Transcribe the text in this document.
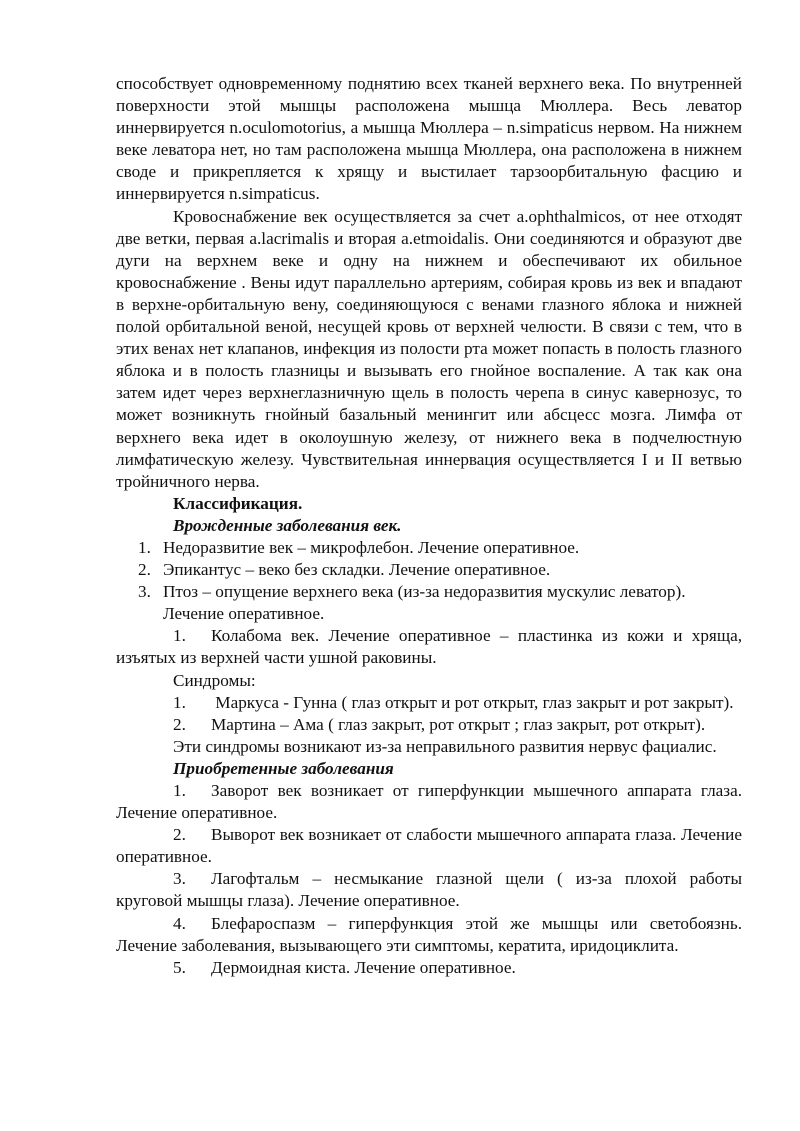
способствует одновременному поднятию всех тканей верхнего века. По внутренней поверхности этой мышцы расположена мышца Мюллера. Весь леватор иннервируется n.oculomotorius, а мышца Мюллера – n.simpaticus нервом. На нижнем веке леватора нет, но там расположена мышца Мюллера, она расположена в нижнем своде и прикрепляется к хрящу и выстилает тарзоорбитальную фасцию и иннервируется n.simpaticus.

Кровоснабжение век осуществляется за счет a.ophthalmicos, от нее отходят две ветки, первая a.lacrimalis и вторая a.etmoidalis. Они соединяются и образуют две дуги на верхнем веке и одну на нижнем и обеспечивают их обильное кровоснабжение . Вены идут параллельно артериям, собирая кровь из век и впадают в верхне-орбитальную вену, соединяющуюся с венами глазного яблока и нижней полой орбитальной веной, несущей кровь от верхней челюсти. В связи с тем, что в этих венах нет клапанов, инфекция из полости рта может попасть в полость глазного яблока и в полость глазницы и вызывать его гнойное воспаление. А так как она затем идет через верхнеглазничную щель в полость черепа в синус кавернозус, то может возникнуть гнойный базальный менингит или абсцесс мозга. Лимфа от верхнего века идет в околоушную железу, от нижнего века в подчелюстную лимфатическую железу. Чувствительная иннервация осуществляется I и II ветвью тройничного нерва.

Классификация.

Врожденные заболевания век.

1. Недоразвитие век – микрофлебон. Лечение оперативное.
2. Эпикантус – веко без складки. Лечение оперативное.
3. Птоз – опущение верхнего века (из-за недоразвития мускулис леватор). Лечение оперативное.

1. Колабома век. Лечение оперативное – пластинка из кожи и хряща, изъятых из верхней части ушной раковины.

Синдромы:

1. Маркуса - Гунна ( глаз открыт и рот открыт, глаз закрыт и рот закрыт).

2. Мартина – Ама ( глаз закрыт, рот открыт ; глаз закрыт, рот открыт).

Эти синдромы возникают из-за неправильного развития нервус фациалис.

Приобретенные заболевания

1. Заворот век возникает от гиперфункции мышечного аппарата глаза. Лечение оперативное.

2. Выворот век возникает от слабости мышечного аппарата глаза. Лечение оперативное.

3. Лагофтальм – несмыкание глазной щели ( из-за плохой работы круговой мышцы глаза). Лечение оперативное.

4. Блефароспазм – гиперфункция этой же мышцы или светобоязнь. Лечение заболевания, вызывающего эти симптомы, кератита, иридоциклита.

5. Дермоидная киста. Лечение оперативное.
